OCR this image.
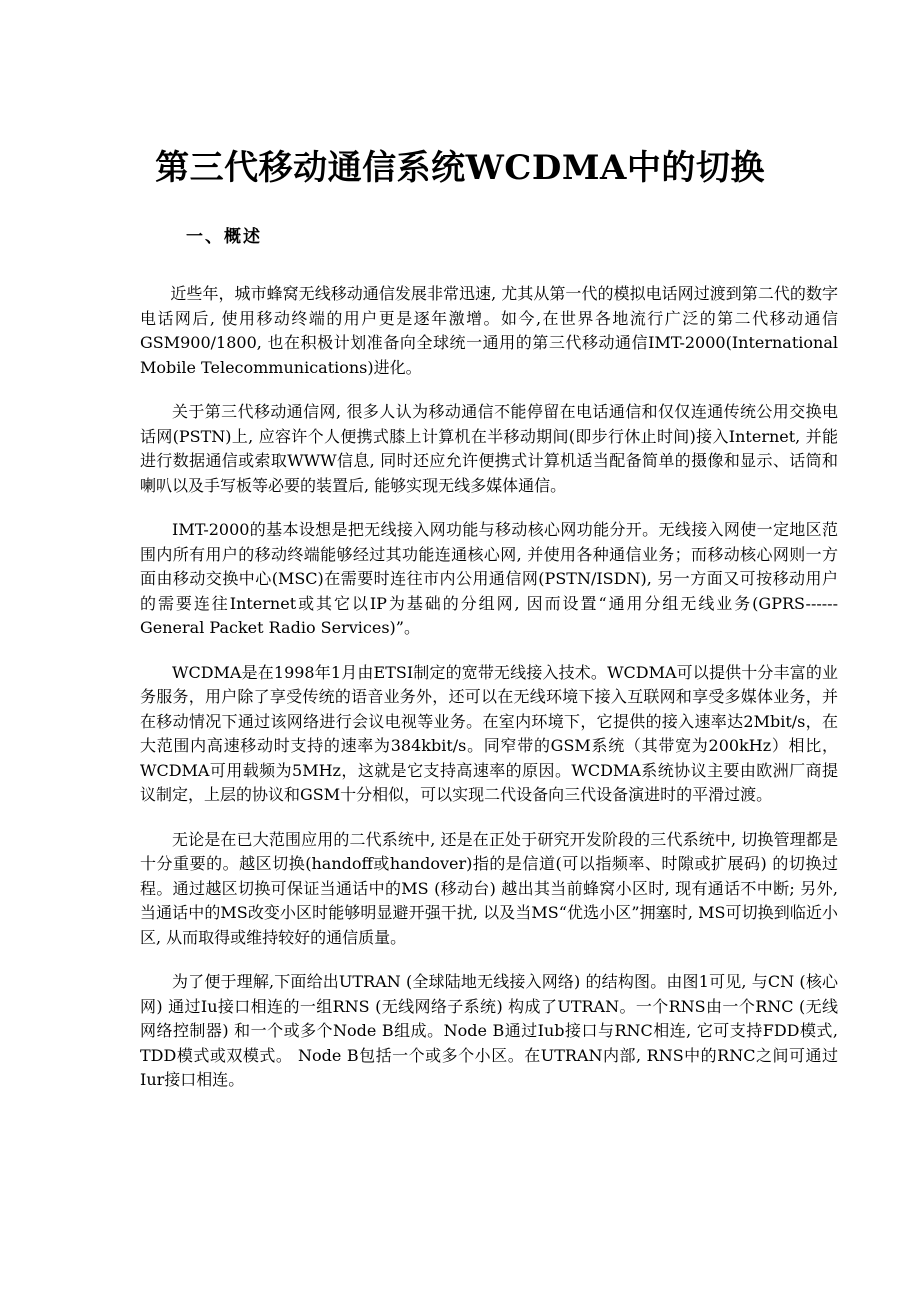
第三代移动通信系统WCDMA中的切换
一、概述

近些年，城市蜂窝无线移动通信发展非常迅速, 尤其从第一代的模拟电话网过渡到第二代的数字电话网后, 使用移动终端的用户更是逐年激增。如今,在世界各地流行广泛的第二代移动通信GSM900/1800, 也在积极计划准备向全球统一通用的第三代移动通信IMT-2000(International Mobile Telecommunications)进化。

关于第三代移动通信网, 很多人认为移动通信不能停留在电话通信和仅仅连通传统公用交换电话网(PSTN)上, 应容许个人便携式膝上计算机在半移动期间(即步行休止时间)接入Internet, 并能进行数据通信或索取WWW信息, 同时还应允许便携式计算机适当配备简单的摄像和显示、话筒和喇叭以及手写板等必要的装置后, 能够实现无线多媒体通信。

IMT-2000的基本设想是把无线接入网功能与移动核心网功能分开。无线接入网使一定地区范围内所有用户的移动终端能够经过其功能连通核心网, 并使用各种通信业务；而移动核心网则一方面由移动交换中心(MSC)在需要时连往市内公用通信网(PSTN/ISDN), 另一方面又可按移动用户的需要连往Internet或其它以IP为基础的分组网, 因而设置“通用分组无线业务(GPRS------General Packet Radio Services)”。

WCDMA是在1998年1月由ETSI制定的宽带无线接入技术。WCDMA可以提供十分丰富的业务服务，用户除了享受传统的语音业务外，还可以在无线环境下接入互联网和享受多媒体业务，并在移动情况下通过该网络进行会议电视等业务。在室内环境下，它提供的接入速率达2Mbit/s，在大范围内高速移动时支持的速率为384kbit/s。同窄带的GSM系统（其带宽为200kHz）相比，WCDMA可用载频为5MHz，这就是它支持高速率的原因。WCDMA系统协议主要由欧洲厂商提议制定，上层的协议和GSM十分相似，可以实现二代设备向三代设备演进时的平滑过渡。

无论是在已大范围应用的二代系统中, 还是在正处于研究开发阶段的三代系统中, 切换管理都是十分重要的。越区切换(handoff或handover)指的是信道(可以指频率、时隙或扩展码) 的切换过程。通过越区切换可保证当通话中的MS (移动台) 越出其当前蜂窝小区时, 现有通话不中断; 另外, 当通话中的MS改变小区时能够明显避开强干扰, 以及当MS“优选小区”拥塞时, MS可切换到临近小区, 从而取得或维持较好的通信质量。

为了便于理解,下面给出UTRAN (全球陆地无线接入网络) 的结构图。由图1可见, 与CN (核心网) 通过Iu接口相连的一组RNS (无线网络子系统) 构成了UTRAN。一个RNS由一个RNC (无线网络控制器) 和一个或多个Node B组成。Node B通过Iub接口与RNC相连, 它可支持FDD模式, TDD模式或双模式。 Node B包括一个或多个小区。在UTRAN内部, RNS中的RNC之间可通过Iur接口相连。
